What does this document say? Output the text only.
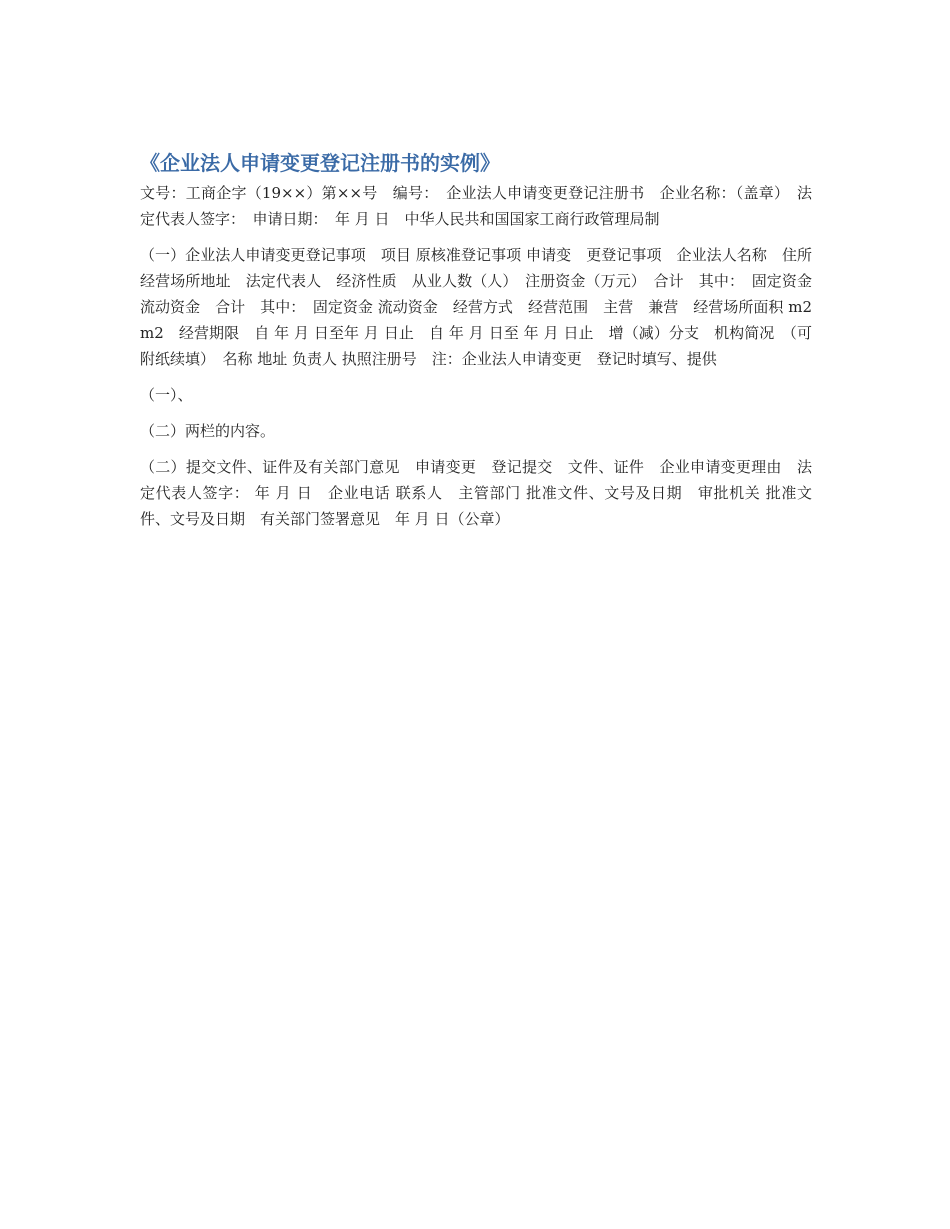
《企业法人申请变更登记注册书的实例》

文号：工商企字（19××）第××号　编号：　企业法人申请变更登记注册书　企业名称：（盖章）　法定代表人签字：　申请日期：　年 月 日　中华人民共和国国家工商行政管理局制

（一）企业法人申请变更登记事项　项目 原核准登记事项 申请变　更登记事项　企业法人名称　住所　经营场所地址　法定代表人　经济性质　从业人数（人）　注册资金（万元）　合计　其中：　固定资金 流动资金　合计　其中：　固定资金 流动资金　经营方式　经营范围　主营　兼营　经营场所面积 m2 m2　经营期限　自 年 月 日至年 月 日止　自 年 月 日至 年 月 日止　增（减）分支　机构简况　（可附纸续填）　名称 地址 负责人 执照注册号　注：企业法人申请变更　登记时填写、提供

（一）、

（二）两栏的内容。

（二）提交文件、证件及有关部门意见　申请变更　登记提交　文件、证件　企业申请变更理由　法定代表人签字： 年 月 日　企业电话 联系人　主管部门 批准文件、文号及日期　审批机关 批准文件、文号及日期　有关部门签署意见　年 月 日（公章）
